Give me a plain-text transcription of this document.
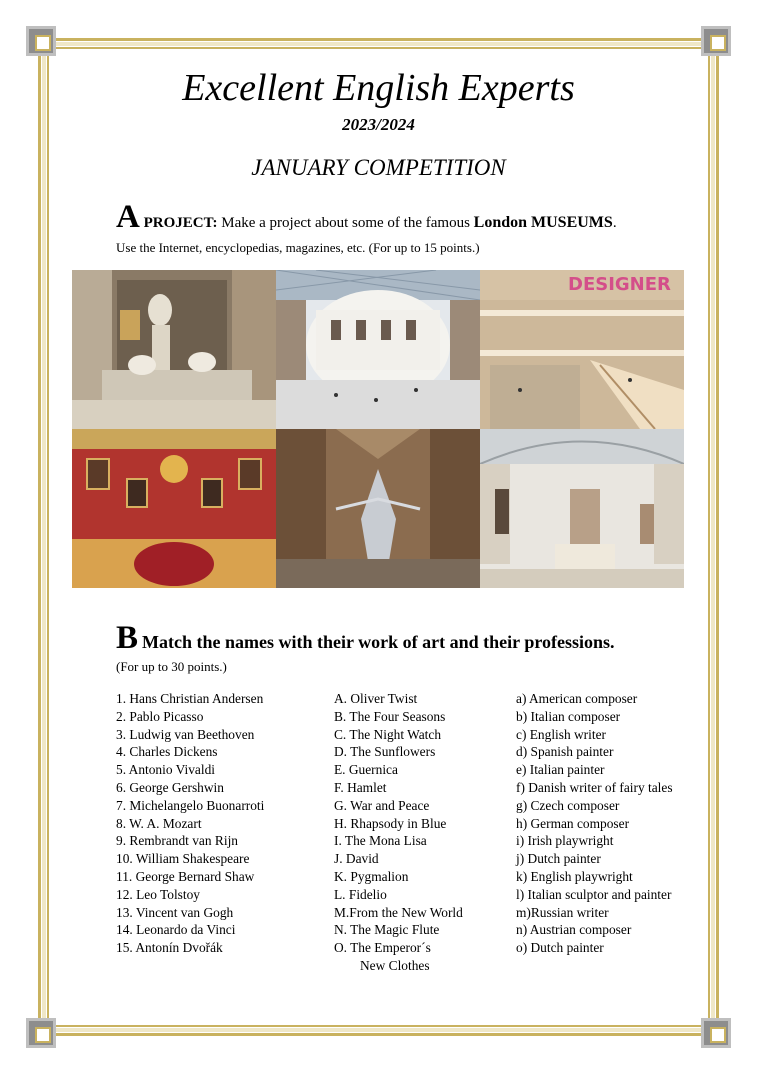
Excellent English Experts
2023/2024
JANUARY COMPETITION
A PROJECT: Make a project about some of the famous London MUSEUMS.
Use the Internet, encyclopedias, magazines, etc. (For up to 15 points.)
DESIGNER
B Match the names with their work of art and their professions.
(For up to 30 points.)
1. Hans Christian Andersen
2. Pablo Picasso
3. Ludwig van Beethoven
4. Charles Dickens
5. Antonio Vivaldi
6. George Gershwin
7. Michelangelo Buonarroti
8. W. A. Mozart
9. Rembrandt van Rijn
10. William Shakespeare
11. George Bernard Shaw
12. Leo Tolstoy
13. Vincent van Gogh
14. Leonardo da Vinci
15. Antonín Dvořák
A. Oliver Twist
B. The Four Seasons
C. The Night Watch
D. The Sunflowers
E. Guernica
F. Hamlet
G. War and Peace
H. Rhapsody in Blue
I. The Mona Lisa
J. David
K. Pygmalion
L. Fidelio
M.From the New World
N. The Magic Flute
O. The Emperor´s
New Clothes
a) American composer
b) Italian composer
c) English writer
d) Spanish painter
e) Italian painter
f) Danish writer of fairy tales
g) Czech composer
h) German composer
i) Irish playwright
j) Dutch painter
k) English playwright
l) Italian sculptor and painter
m)Russian writer
n) Austrian composer
o) Dutch painter
